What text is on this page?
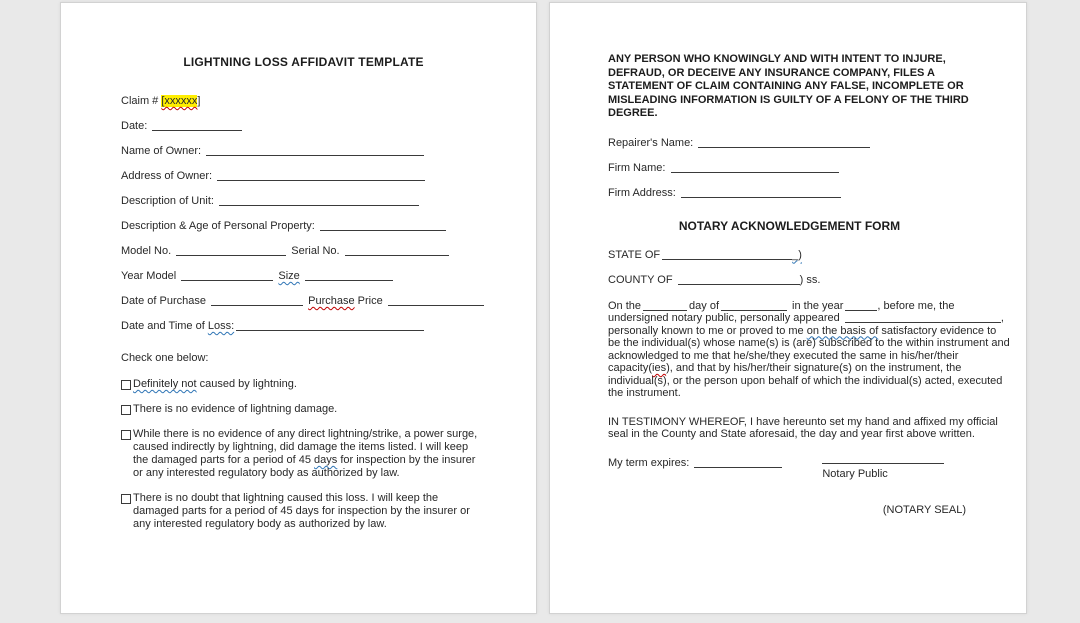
LIGHTNING LOSS AFFIDAVIT TEMPLATE
Claim # [xxxxxx]
Date:
Name of Owner:
Address of Owner:
Description of Unit:
Description & Age of Personal Property:
Model No.	Serial No.
Year Model	Size
Date of Purchase	Purchase Price
Date and Time of Loss:
Check one below:
Definitely not caused by lightning.
There is no evidence of lightning damage.
While there is no evidence of any direct lightning/strike, a power surge, caused indirectly by lightning, did damage the items listed. I will keep the damaged parts for a period of 45 days for inspection by the insurer or any interested regulatory body as authorized by law.
There is no doubt that lightning caused this loss. I will keep the damaged parts for a period of 45 days for inspection by the insurer or any interested regulatory body as authorized by law.
ANY PERSON WHO KNOWINGLY AND WITH INTENT TO INJURE, DEFRAUD, OR DECEIVE ANY INSURANCE COMPANY, FILES A STATEMENT OF CLAIM CONTAINING ANY FALSE, INCOMPLETE OR MISLEADING INFORMATION IS GUILTY OF A FELONY OF THE THIRD DEGREE.
Repairer's Name:
Firm Name:
Firm Address:
NOTARY ACKNOWLEDGEMENT FORM
STATE OF	_)
COUNTY OF	) ss.
On the	day of	in the year	, before me, the undersigned notary public, personally appeared	, personally known to me or proved to me on the basis of satisfactory evidence to be the individual(s) whose name(s) is (are) subscribed to the within instrument and acknowledged to me that he/she/they executed the same in his/her/their capacity(ies), and that by his/her/their signature(s) on the instrument, the individual(s), or the person upon behalf of which the individual(s) acted, executed the instrument.
IN TESTIMONY WHEREOF, I have hereunto set my hand and affixed my official seal in the County and State aforesaid, the day and year first above written.
My term expires:
Notary Public
(NOTARY SEAL)
